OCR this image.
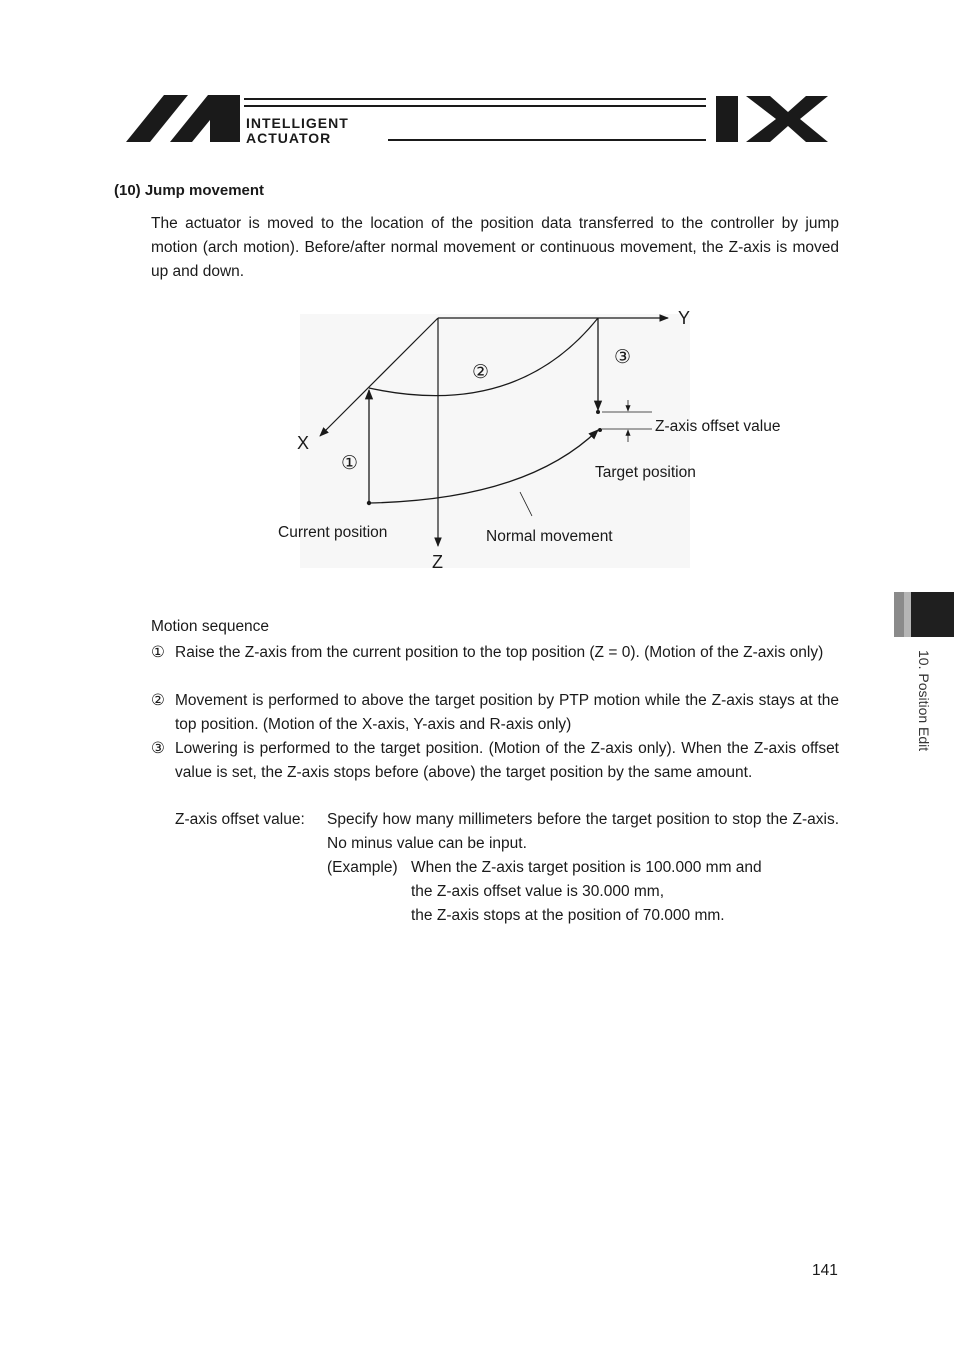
INTELLIGENT
ACTUATOR
IX
(10) Jump movement

The actuator is moved to the location of the position data transferred to the controller by jump motion (arch motion). Before/after normal movement or continuous movement, the Z-axis is moved up and down.

Y
X
Z
①
②
③
Z-axis offset value
Target position
Current position	Normal movement
Motion sequence
① Raise the Z-axis from the current position to the top position (Z = 0). (Motion of the Z-axis only)
② Movement is performed to above the target position by PTP motion while the Z-axis stays at the top position. (Motion of the X-axis, Y-axis and R-axis only)
③ Lowering is performed to the target position. (Motion of the Z-axis only). When the Z-axis offset value is set, the Z-axis stops before (above) the target position by the same amount.
Z-axis offset value: Specify how many millimeters before the target position to stop the Z-axis. No minus value can be input.
(Example) When the Z-axis target position is 100.000 mm and
the Z-axis offset value is 30.000 mm,
the Z-axis stops at the position of 70.000 mm.
10. Position Edit
141
